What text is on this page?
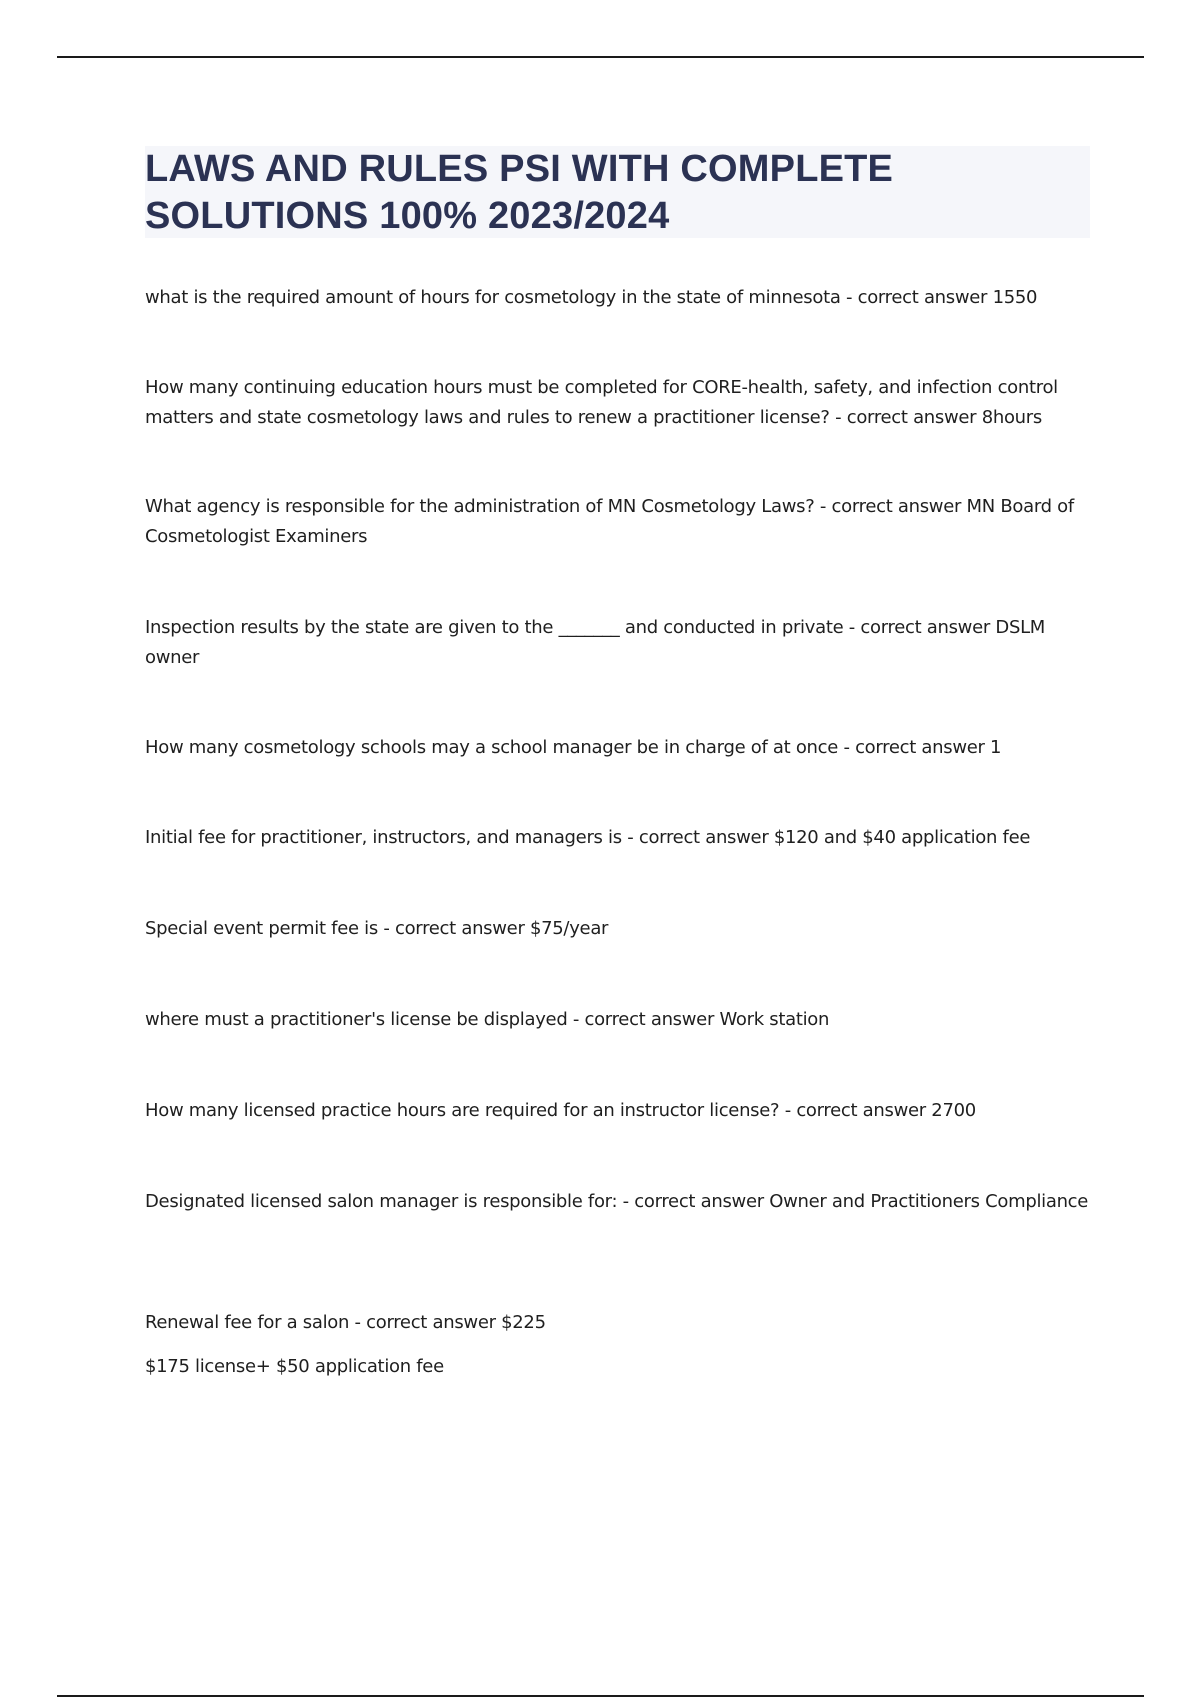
LAWS AND RULES PSI WITH COMPLETE
SOLUTIONS 100% 2023/2024

what is the required amount of hours for cosmetology in the state of minnesota - correct answer 1550

How many continuing education hours must be completed for CORE-health, safety, and infection control matters and state cosmetology laws and rules to renew a practitioner license? - correct answer 8hours

What agency is responsible for the administration of MN Cosmetology Laws? - correct answer MN Board of Cosmetologist Examiners

Inspection results by the state are given to the _______ and conducted in private - correct answer DSLM owner

How many cosmetology schools may a school manager be in charge of at once - correct answer 1

Initial fee for practitioner, instructors, and managers is - correct answer $120 and $40 application fee

Special event permit fee is - correct answer $75/year

where must a practitioner's license be displayed - correct answer Work station

How many licensed practice hours are required for an instructor license? - correct answer 2700

Designated licensed salon manager is responsible for: - correct answer Owner and Practitioners Compliance

Renewal fee for a salon - correct answer $225

$175 license+ $50 application fee
